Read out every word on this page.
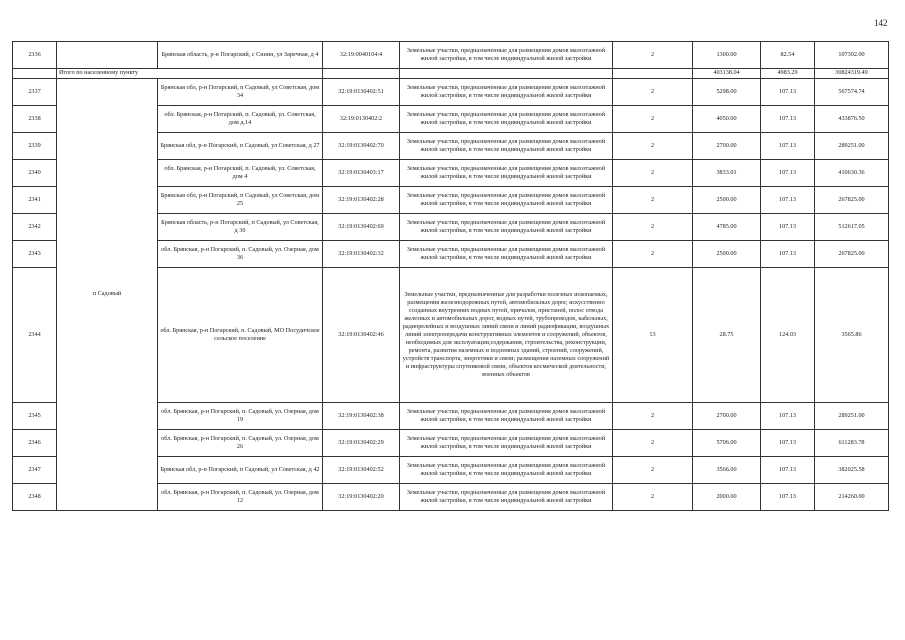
142
2336		Брянская область, р-н Погарский, с Синин, ул Заречная, д 4	32:19:0040104:4	Земельные участки, предназначенные для размещения домов малоэтажной жилой застройки, в том числе индивидуальной жилой застройки	2	1300.00	82.54	107302.00
	Итого по населенному пункту					403138.04	4983.29	30824319.49
2337	п Садовый	Брянская обл, р-н Погарский, п Садовый, ул Советская, дом 34	32:19:0130402:51	Земельные участки, предназначенные для размещения домов малоэтажной жилой застройки, в том числе индивидуальной жилой застройки	2	5298.00	107.13	567574.74
2338		обл. Брянская, р-н Погарский, п. Садовый, ул. Советская, дом д.14	32:19:0130402:2	Земельные участки, предназначенные для размещения домов малоэтажной жилой застройки, в том числе индивидуальной жилой застройки	2	4050.00	107.13	433876.50
2339		Брянская обл, р-н Погарский, п Садовый, ул Советская, д 27	32:19:0130402:70	Земельные участки, предназначенные для размещения домов малоэтажной жилой застройки, в том числе индивидуальной жилой застройки	2	2700.00	107.13	289251.00
2340		обл. Брянская, р-н Погарский, п. Садовый, ул. Советская, дом 4	32:19:0130403:17	Земельные участки, предназначенные для размещения домов малоэтажной жилой застройки, в том числе индивидуальной жилой застройки	2	3833.01	107.13	410630.36
2341		Брянская обл, р-н Погарский, п Садовый, ул Советская, дом 25	32:19:0130402:28	Земельные участки, предназначенные для размещения домов малоэтажной жилой застройки, в том числе индивидуальной жилой застройки	2	2500.00	107.13	267825.00
2342		Брянская область, р-н Погарский, п Садовый, ул Советская, д 30	32:19:0130402:69	Земельные участки, предназначенные для размещения домов малоэтажной жилой застройки, в том числе индивидуальной жилой застройки	2	4785.00	107.13	512617.05
2343		обл. Брянская, р-н Погарский, п. Садовый, ул. Озерная, дом 36	32:19:0130402:32	Земельные участки, предназначенные для размещения домов малоэтажной жилой застройки, в том числе индивидуальной жилой застройки	2	2500.00	107.13	267825.00
2344		обл. Брянская, р-н Погарский, п. Садовый, МО Посудичское сельское поселение	32:19:0130402:46	Земельные участки, предназначенные для разработки полезных ископаемых, размещения железнодорожных путей, автомобильных дорог, искусственно созданных внутренних водных путей, причалов, пристаней, полос отвода железных и автомобильных дорог, водных путей, трубопроводов, кабельных, радиорелейных и воздушных линий связи и линий радиофикации, воздушных линий электропередачи конструктивных элементов и сооружений, объектов, необходимых для эксплуатации,содержания, строительства, реконструкции, ремонта, развития наземных и подземных зданий, строений, сооружений, устройств транспорта, энергетики и связи; размещения наземных сооружений и инфраструктуры спутниковой связи, объектов космической деятельности, военных объектов	13	28.75	124.03	3565.86
2345		обл. Брянская, р-н Погарский, п. Садовый, ул. Озерная, дом 19	32:19:0130402:38	Земельные участки, предназначенные для размещения домов малоэтажной жилой застройки, в том числе индивидуальной жилой застройки	2	2700.00	107.13	289251.00
2346		обл. Брянская, р-н Погарский, п. Садовый, ул. Озерная, дом 26	32:19:0130402:29	Земельные участки, предназначенные для размещения домов малоэтажной жилой застройки, в том числе индивидуальной жилой застройки	2	5706.00	107.13	611283.78
2347		Брянская обл, р-н Погарский, п Садовый, ул Советская, д 42	32:19:0130402:52	Земельные участки, предназначенные для размещения домов малоэтажной жилой застройки, в том числе индивидуальной жилой застройки	2	3566.00	107.13	382025.58
2348		обл. Брянская, р-н Погарский, п. Садовый, ул. Озерная, дом 12	32:19:0130402:20	Земельные участки, предназначенные для размещения домов малоэтажной жилой застройки, в том числе индивидуальной жилой застройки	2	2000.00	107.13	214260.00
